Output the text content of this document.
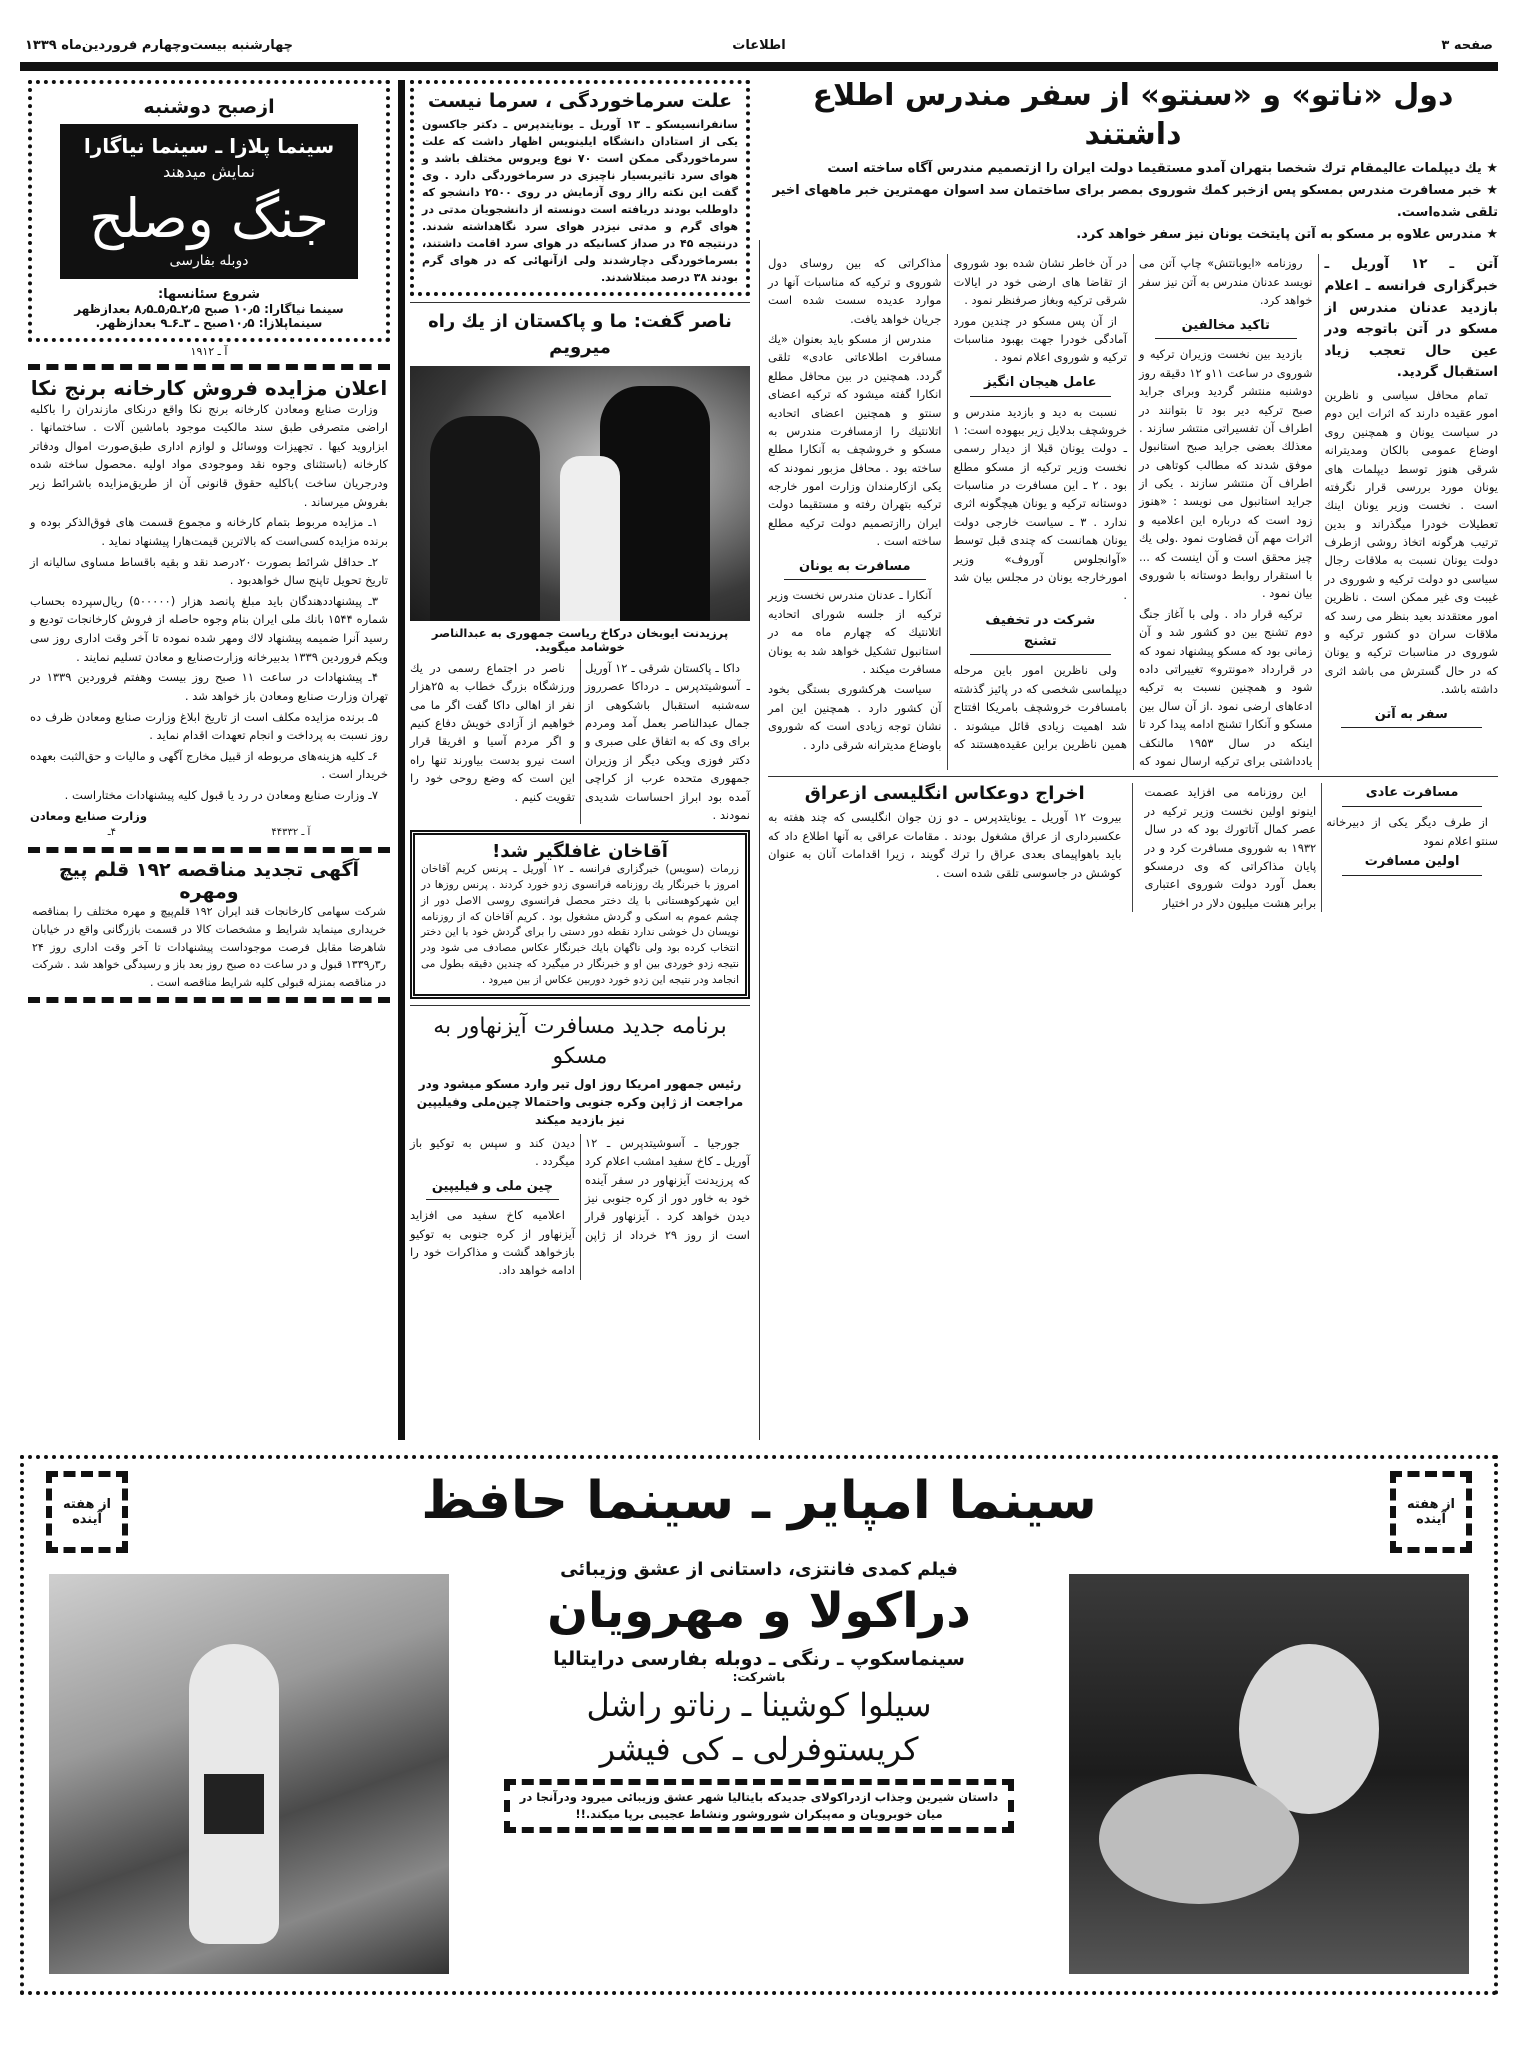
چهارشنبه بیست‌وچهارم فروردین‌ماه ۱۳۳۹	اطلاعات	صفحه ۳
دول «ناتو» و «سنتو» از سفر مندرس اطلاع داشتند
★ یك دیپلمات عالیمقام ترك شخصا بتهران آمدو مستقیما دولت ایران را ازتصمیم مندرس آگاه ساخته است
★ خبر مسافرت مندرس بمسکو پس ازخبر کمك شوروی بمصر برای ساختمان سد اسوان مهمترین خبر ماههای اخیر تلقی شده‌است.
★ مندرس علاوه بر مسکو به آتن پایتخت یونان نیز سفر خواهد کرد.

آتن ـ ۱۲ آوریل ـ خبرگزاری فرانسه ـ اعلام بازدید عدنان مندرس از مسکو در آتن باتوجه ودر عین حال تعجب زیاد استقبال گردید.

تمام محافل سیاسی و ناظرین امور عقیده دارند که اثرات این دوم در سیاست یونان و همچنین روی اوضاع عمومی بالکان ومدیترانه شرقی هنوز توسط دیپلمات های یونان مورد بررسی قرار نگرفته است . نخست وزیر یونان اینك تعطیلات خودرا میگذراند و بدین ترتیب هرگونه اتخاذ روشی ازطرف دولت یونان نسبت به ملاقات رجال سیاسی دو دولت ترکیه و شوروی در غیبت وی غیر ممکن است . ناظرین امور معتقدند بعید بنظر می رسد که ملاقات سران دو کشور ترکیه و شوروی در مناسبات ترکیه و یونان که در حال گسترش می باشد اثری داشته باشد.

سفر به آتن

روزنامه «ایوبانتش» چاپ آتن می نویسد عدنان مندرس به آتن نیز سفر خواهد کرد.

تاکید مخالفین

بازدید بین نخست وزیران ترکیه و شوروی در ساعت ۱۱و ۱۲ دقیقه روز دوشنبه منتشر گردید وبرای جراید صبح ترکیه دیر بود تا بتوانند در اطراف آن تفسیراتی منتشر سازند . معذلك بعضی جراید صبح استانبول موفق شدند که مطالب کوتاهی در اطراف آن منتشر سازند . یکی از جراید استانبول می نویسد : «هنوز زود است که درباره این اعلامیه و اثرات مهم آن قضاوت نمود .ولی یك چیز محقق است و آن اینست که ... با استقرار روابط دوستانه با شوروی بیان نمود .

ترکیه قرار داد . ولی با آغاز جنگ دوم تشنج بین دو کشور شد و آن زمانی بود که مسکو پیشنهاد نمود که در قرارداد «مونترو» تغییراتی داده شود و همچنین نسبت به ترکیه ادعاهای ارضی نمود .از آن سال بین مسکو و آنکارا تشنج ادامه پیدا کرد تا اینکه در سال ۱۹۵۳ مالنکف یادداشتی برای ترکیه ارسال نمود که در آن خاطر نشان شده بود شوروی از تقاضا های ارضی خود در ایالات شرقی ترکیه وبغاز صرفنظر نمود .

از آن پس مسکو در چندین مورد آمادگی خودرا جهت بهبود مناسبات ترکیه و شوروی اعلام نمود .

عامل هیجان انگیز

نسبت به دید و بازدید مندرس و خروشچف بدلایل زیر ببهوده است: ۱ ـ دولت یونان قبلا از دیدار رسمی نخست وزیر ترکیه از مسکو مطلع بود . ۲ ـ این مسافرت در مناسبات دوستانه ترکیه و یونان هیچگونه اثری ندارد . ۳ ـ سیاست خارجی دولت یونان همانست که چندی قبل توسط «آوانجلوس آوروف» وزیر امورخارجه یونان در مجلس بیان شد .

شرکت در تخفیف تشنج

ولی ناظرین امور باین مرحله دیپلماسی شخصی که در پائیز گذشته بامسافرت خروشچف بامریکا افتتاح شد اهمیت زیادی قائل میشوند . همین ناظرین براین عقیده‌هستند که مذاکراتی که بین روسای دول شوروی و ترکیه که مناسبات آنها در موارد عدیده سست شده است جریان خواهد یافت.

مندرس از مسکو باید بعنوان «یك مسافرت اطلاعاتی عادی» تلقی گردد. همچنین در بین محافل مطلع انکارا گفته میشود که ترکیه اعضای سنتو و همچنین اعضای اتحادیه اتلانتیك را ازمسافرت مندرس به مسکو و خروشچف به آنکارا مطلع ساخته بود . محافل مزبور نمودند که یکی ازکارمندان وزارت امور خارجه ترکیه بتهران رفته و مستقیما دولت ایران راازتصمیم دولت ترکیه مطلع ساخته است .

مسافرت به یونان

آنکارا ـ عدنان مندرس نخست وزیر ترکیه از جلسه شورای اتحادیه اتلانتیك که چهارم ماه مه در استانبول تشکیل خواهد شد به یونان مسافرت میکند .

سیاست هرکشوری بستگی بخود آن کشور دارد . همچنین این امر نشان توجه زیادی است که شوروی باوضاع مدیترانه شرقی دارد .

مسافرت عادی

از طرف دیگر یکی از دبیرخانه سنتو اعلام نمود

اولین مسافرت

این روزنامه می افزاید عصمت اینونو اولین نخست وزیر ترکیه در عصر کمال آتاتورك بود که در سال ۱۹۳۲ به شوروی مسافرت کرد و در پایان مذاکراتی که وی درمسکو بعمل آورد دولت شوروی اعتباری برابر هشت میلیون دلار در اختیار

اخراج دوعکاس انگلیسی ازعراق
بیروت ۱۲ آوریل ـ یونایتدپرس ـ دو زن جوان انگلیسی که چند هفته به عکسبرداری از عراق مشغول بودند . مقامات عراقی به آنها اطلاع داد که باید باهواپیمای بعدی عراق را ترك گویند ، زیرا اقدامات آنان به عنوان کوشش در جاسوسی تلقی شده است .
علت سرماخوردگی ، سرما نیست
سانفرانسیسکو ـ ۱۳ آوریل ـ یونایتدپرس ـ دکتر جاکسون یکی از استادان دانشگاه ایلینویس اظهار داشت که علت سرماخوردگی ممکن است ۷۰ نوع ویروس مختلف باشد و هوای سرد تاثیربسیار ناچیزی در سرماخوردگی دارد . وی گفت این نکته رااز روی آزمایش در روی ۲۵۰۰ دانشجو که داوطلب بودند دریافته است دونسته از دانشجویان مدتی در هوای گرم و مدتی نیزدر هوای سرد نگاهداشته شدند. درنتیجه ۴۵ در صداز کسانیکه در هوای سرد اقامت داشتند، بسرماخوردگی دچارشدند ولی ازآنهائی که در هوای گرم بودند ۳۸ درصد مبتلاشدند.
ناصر گفت: ما و پاکستان از یك راه میرویم
پرزیدنت ایوبخان درکاخ ریاست جمهوری به عبدالناصر خوشامد میگوید.

داکا ـ پاکستان شرقی ـ ۱۲ آوریل ـ آسوشیتدپرس ـ درداکا عصرروز سه‌شنبه استقبال باشکوهی از جمال عبدالناصر بعمل آمد ومردم برای وی که به اتفاق علی صبری و دکتر فوزی ویکی دیگر از وزیران جمهوری متحده عرب از کراچی آمده بود ابراز احساسات شدیدی نمودند .

ناصر در اجتماع رسمی در یك ورزشگاه بزرگ خطاب به ۲۵هزار نفر از اهالی داکا گفت اگر ما می خواهیم از آزادی خویش دفاع کنیم و اگر مردم آسیا و افریقا قرار است نیرو بدست بیاورند تنها راه این است که وضع روحی خود را تقویت کنیم .

آقاخان غافلگیر شد!
زرمات (سویس) خبرگزاری فرانسه ـ ۱۲ آوریل ـ پرنس کریم آقاخان امروز با خبرنگار یك روزنامه فرانسوی زدو خورد کردند . پرنس روزها در این شهرکوهستانی با یك دختر محصل فرانسوی روسی الاصل دور از چشم عموم به اسکی و گردش مشغول بود . کریم آقاخان که از روزنامه نویسان دل خوشی ندارد نقطه دور دستی را برای گردش خود با این دختر انتخاب کرده بود ولی ناگهان بایك خبرنگار عکاس مصادف می شود ودر نتیجه زدو خوردی بین او و خبرنگار در میگیرد که چندین دقیقه بطول می انجامد ودر نتیجه این زدو خورد دوربین عکاس از بین میرود .
برنامه جدید مسافرت آیزنهاور به مسکو
رئیس جمهور امریکا روز اول تیر وارد مسکو میشود ودر مراجعت از ژاپن وکره جنوبی واحتمالا چین‌ملی وفیلیپین نیز بازدید میکند

جورجیا ـ آسوشیتدپرس ـ ۱۲ آوریل ـ کاخ سفید امشب اعلام کرد که پرزیدنت آیزنهاور در سفر آینده خود به خاور دور از کره جنوبی نیز دیدن خواهد کرد . آیزنهاور قرار است از روز ۲۹ خرداد از ژاپن دیدن کند و سپس به توکیو باز میگردد .

چین ملی و فیلیپین

اعلامیه کاخ سفید می افزاید آیزنهاور از کره جنوبی به توکیو بازخواهد گشت و مذاکرات خود را ادامه خواهد داد.

ازصبح دوشنبه
سینما پلازا ـ سینما نیاگارا
نمایش میدهند
جنگ وصلح
دوبله بفارسی
شروع سئانسها:
سینما نیاگارا: ۱۰٫۵ صبح ۲٫۵ـ۵٫۵ـ۸٫۵ بعدازظهر
سینماپلازا: ۱۰٫۵صبح ـ ۳ـ۶ـ۹ بعدازظهر.
آ ـ ۱۹۱۲
اعلان مزایده فروش کارخانه برنج نکا

وزارت صنایع ومعادن کارخانه برنج نکا واقع درنکای مازندران را باکلیه اراضی متصرفی طبق سند مالکیت موجود باماشین آلات . ساختمانها . ابزاروید کیها . تجهیزات ووسائل و لوازم اداری طبق‌صورت اموال ودفاتر کارخانه (باستثنای وجوه نقد وموجودی مواد اولیه .محصول ساخته شده ودرجریان ساخت )باکلیه حقوق قانونی آن از طریق‌مزایده باشرائط زیر بفروش میرساند .

۱ـ مزایده مربوط بتمام کارخانه و مجموع قسمت های فوق‌الذکر بوده و برنده مزایده کسی‌است که بالاترین قیمت‌هارا پیشنهاد نماید .

۲ـ حداقل شرائط بصورت ۲۰درصد نقد و بقیه باقساط مساوی سالیانه از تاریخ تحویل تاپنج سال خواهدبود .

۳ـ پیشنهاددهندگان باید مبلغ پانصد هزار (۵۰۰۰۰۰) ریال‌سپرده بحساب شماره ۱۵۴۴ بانك ملی ایران بنام وجوه حاصله از فروش کارخانجات تودیع و رسید آنرا ضمیمه پیشنهاد لاك ومهر شده نموده تا آخر وقت اداری روز سی ویکم فروردین ۱۳۳۹ بدبیرخانه وزارت‌صنایع و معادن تسلیم نمایند .

۴ـ پیشنهادات در ساعت ۱۱ صبح روز بیست وهفتم فروردین ۱۳۳۹ در تهران وزارت صنایع ومعادن باز خواهد شد .

۵ـ برنده مزایده مکلف است از تاریخ ابلاغ وزارت صنایع ومعادن ظرف ده روز نسبت به پرداخت و انجام تعهدات اقدام نماید .

۶ـ کلیه هزینه‌های مربوطه از قبیل مخارج آگهی و مالیات و حق‌الثبت بعهده خریدار است .

۷ـ وزارت صنایع ومعادن در رد یا قبول کلیه پیشنهادات مختاراست .

وزارت صنایع ومعادن
آ ـ ۴۴۳۳۲
۴ـ
آگهی تجدید مناقصه ۱۹۲ قلم پیچ ومهره
شرکت سهامی کارخانجات قند ایران ۱۹۲ قلم‌پیچ و مهره مختلف را بمناقصه خریداری مینماید شرایط و مشخصات کالا در قسمت بازرگانی واقع در خیابان شاهرضا مقابل فرصت موجوداست پیشنهادات تا آخر وقت اداری روز ۲۴ ر۳ر۱۳۳۹ قبول و در ساعت ده صبح روز بعد باز و رسیدگی خواهد شد . شرکت در مناقصه بمنزله قبولی کلیه شرایط مناقصه است .
از هفته آینده
از هفته آینده	سینما امپایر ـ سینما حافظ
فیلم کمدی فانتزی، داستانی از عشق وزیبائی
دراکولا و مهرویان
سینماسکوپ ـ رنگی ـ دوبله بفارسی درایتالیا
باشرکت:
سیلوا کوشینا ـ رناتو راشل
کریستوفرلی ـ کی فیشر
داستان شیرین وجذاب ازدراکولای جدیدکه بایتالیا شهر عشق وزیبائی میرود ودرآنجا در میان خوبرویان و مه‌پیکران شوروشور ونشاط عجیبی برپا میکند.!!
